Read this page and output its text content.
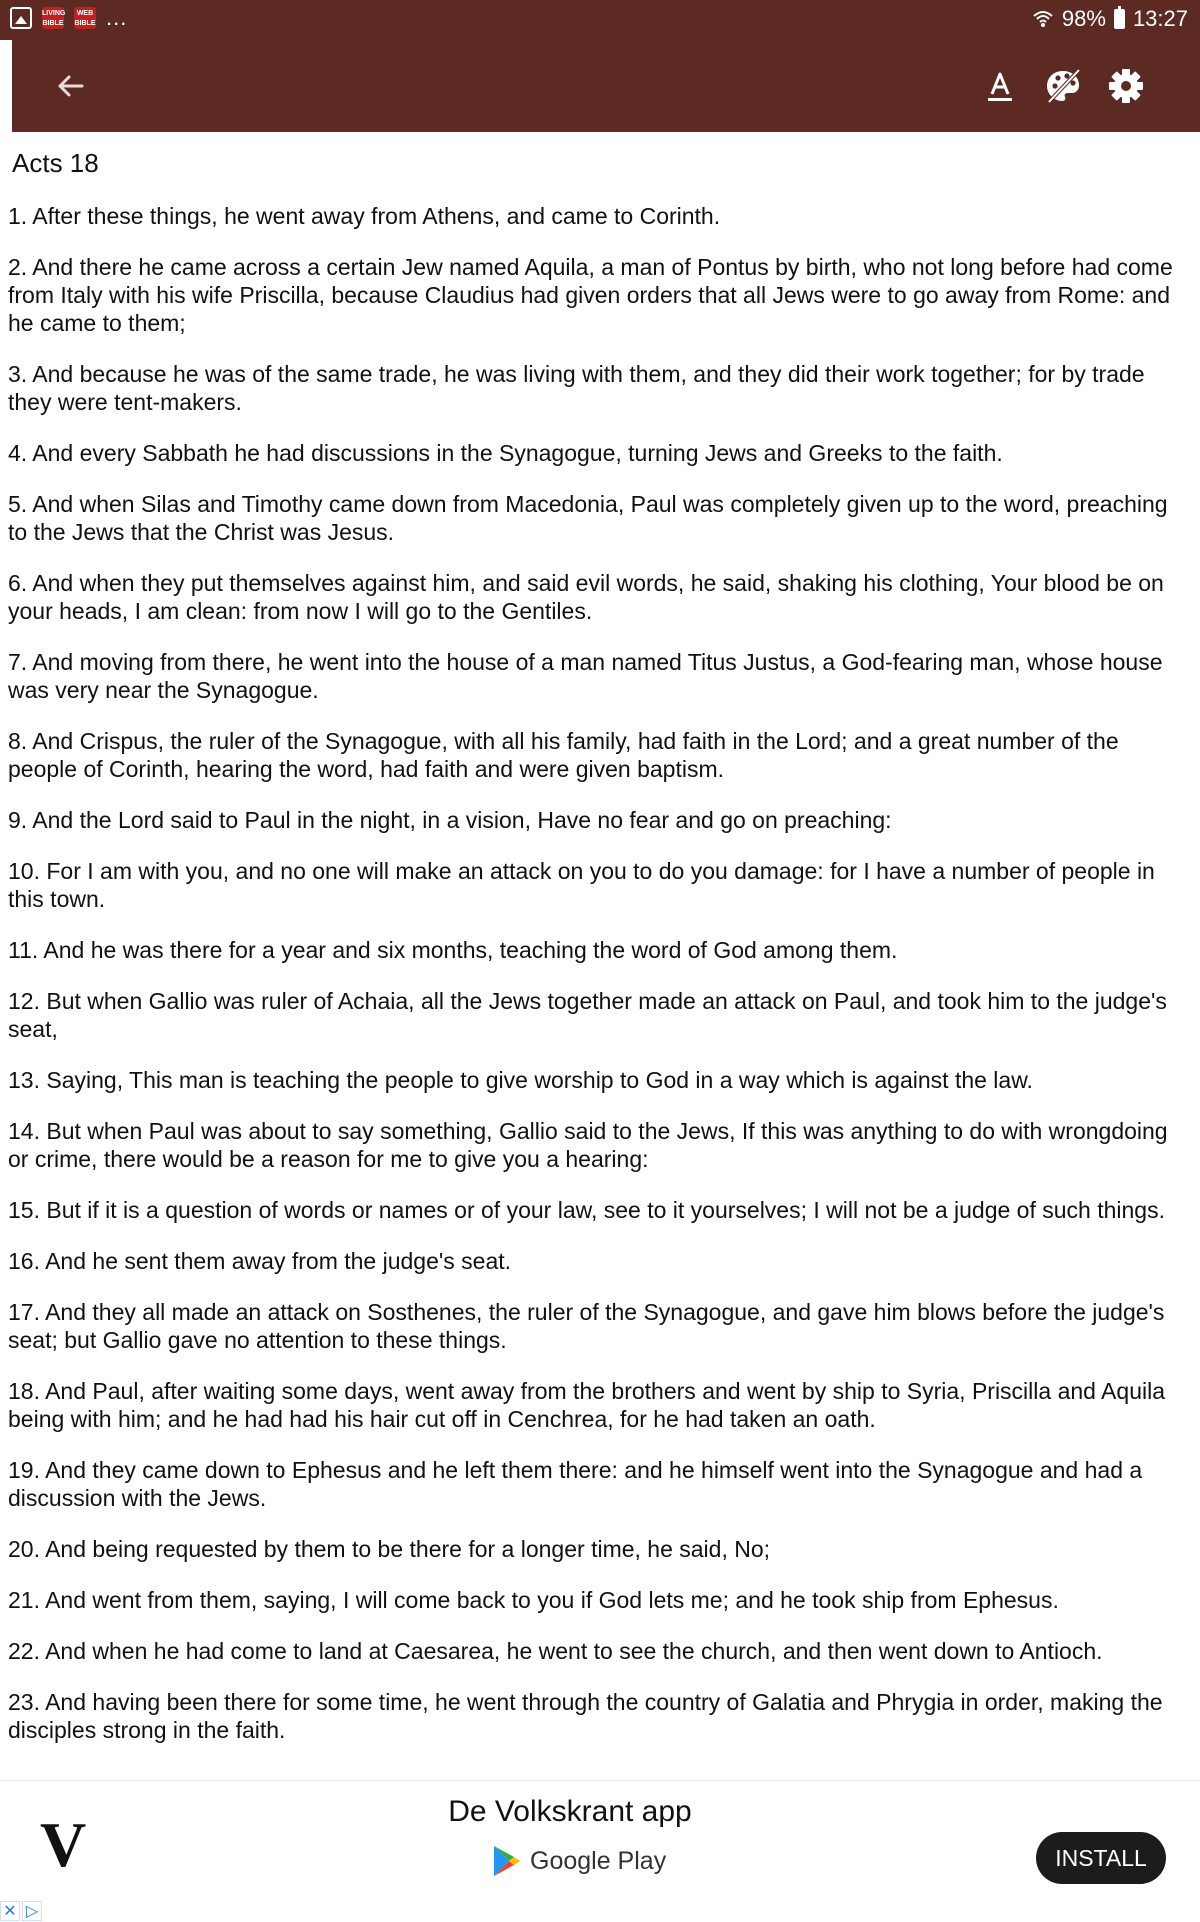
LIVING BIBLE
WEB BIBLE ...	98% 13:27
Acts 18

1. After these things, he went away from Athens, and came to Corinth.

2. And there he came across a certain Jew named Aquila, a man of Pontus by birth, who not long before had come from Italy with his wife Priscilla, because Claudius had given orders that all Jews were to go away from Rome: and he came to them;

3. And because he was of the same trade, he was living with them, and they did their work together; for by trade they were tent-makers.

4. And every Sabbath he had discussions in the Synagogue, turning Jews and Greeks to the faith.

5. And when Silas and Timothy came down from Macedonia, Paul was completely given up to the word, preaching to the Jews that the Christ was Jesus.

6. And when they put themselves against him, and said evil words, he said, shaking his clothing, Your blood be on your heads, I am clean: from now I will go to the Gentiles.

7. And moving from there, he went into the house of a man named Titus Justus, a God-fearing man, whose house was very near the Synagogue.

8. And Crispus, the ruler of the Synagogue, with all his family, had faith in the Lord; and a great number of the people of Corinth, hearing the word, had faith and were given baptism.

9. And the Lord said to Paul in the night, in a vision, Have no fear and go on preaching:

10. For I am with you, and no one will make an attack on you to do you damage: for I have a number of people in this town.

11. And he was there for a year and six months, teaching the word of God among them.

12. But when Gallio was ruler of Achaia, all the Jews together made an attack on Paul, and took him to the judge's seat,

13. Saying, This man is teaching the people to give worship to God in a way which is against the law.

14. But when Paul was about to say something, Gallio said to the Jews, If this was anything to do with wrongdoing or crime, there would be a reason for me to give you a hearing:

15. But if it is a question of words or names or of your law, see to it yourselves; I will not be a judge of such things.

16. And he sent them away from the judge's seat.

17. And they all made an attack on Sosthenes, the ruler of the Synagogue, and gave him blows before the judge's seat; but Gallio gave no attention to these things.

18. And Paul, after waiting some days, went away from the brothers and went by ship to Syria, Priscilla and Aquila being with him; and he had had his hair cut off in Cenchrea, for he had taken an oath.

19. And they came down to Ephesus and he left them there: and he himself went into the Synagogue and had a discussion with the Jews.

20. And being requested by them to be there for a longer time, he said, No;

21. And went from them, saying, I will come back to you if God lets me; and he took ship from Ephesus.

22. And when he had come to land at Caesarea, he went to see the church, and then went down to Antioch.

23. And having been there for some time, he went through the country of Galatia and Phrygia in order, making the disciples strong in the faith.

V	De Volkskrant app
Google Play	INSTALL
✕ ▷
